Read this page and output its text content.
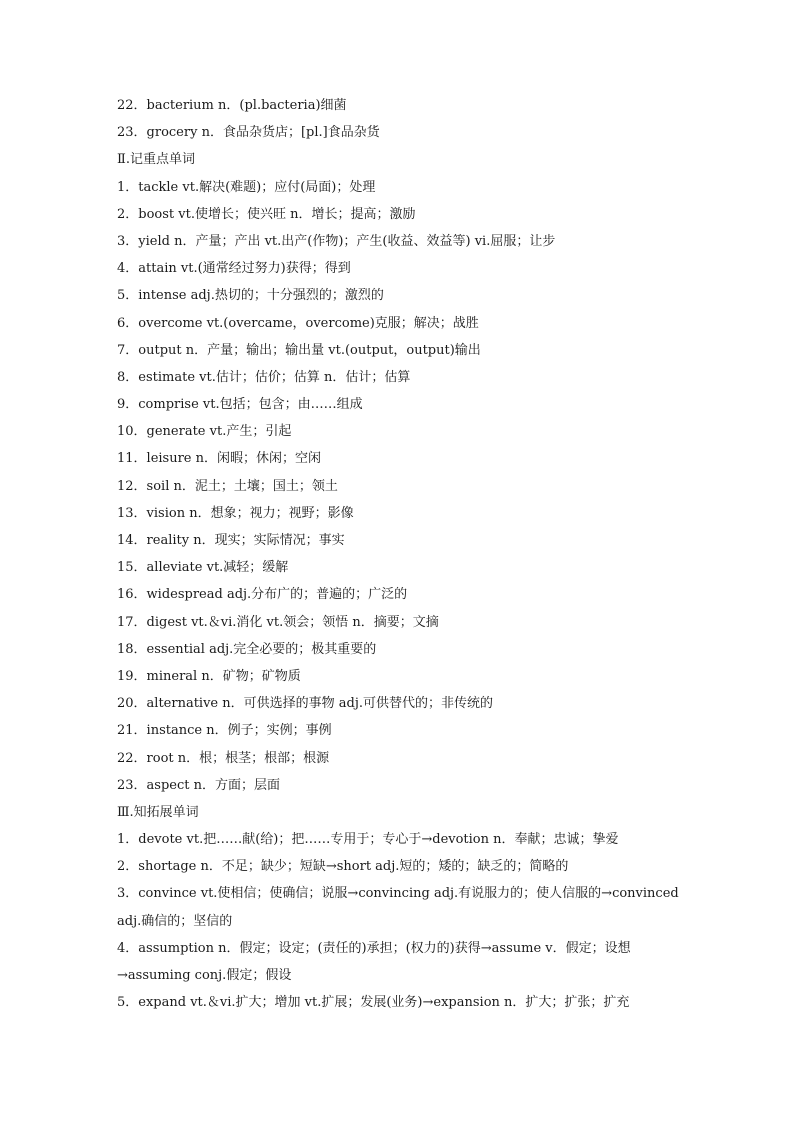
22．bacterium n．(pl.bacteria)细菌
23．grocery n．食品杂货店；[pl.]食品杂货
Ⅱ.记重点单词
1．tackle vt.解决(难题)；应付(局面)；处理
2．boost vt.使增长；使兴旺 n．增长；提高；激励
3．yield n．产量；产出 vt.出产(作物)；产生(收益、效益等) vi.屈服；让步
4．attain vt.(通常经过努力)获得；得到
5．intense adj.热切的；十分强烈的；激烈的
6．overcome vt.(overcame，overcome)克服；解决；战胜
7．output n．产量；输出；输出量 vt.(output，output)输出
8．estimate vt.估计；估价；估算 n．估计；估算
9．comprise vt.包括；包含；由……组成
10．generate vt.产生；引起
11．leisure n．闲暇；休闲；空闲
12．soil n．泥土；土壤；国土；领土
13．vision n．想象；视力；视野；影像
14．reality n．现实；实际情况；事实
15．alleviate vt.减轻；缓解
16．widespread adj.分布广的；普遍的；广泛的
17．digest vt.＆vi.消化 vt.领会；领悟 n．摘要；文摘
18．essential adj.完全必要的；极其重要的
19．mineral n．矿物；矿物质
20．alternative n．可供选择的事物 adj.可供替代的；非传统的
21．instance n．例子；实例；事例
22．root n．根；根茎；根部；根源
23．aspect n．方面；层面
Ⅲ.知拓展单词
1．devote vt.把……献(给)；把……专用于；专心于→devotion n．奉献；忠诚；挚爱
2．shortage n．不足；缺少；短缺→short adj.短的；矮的；缺乏的；简略的
3．convince vt.使相信；使确信；说服→convincing adj.有说服力的；使人信服的→convinced adj.确信的；坚信的
4．assumption n．假定；设定；(责任的)承担；(权力的)获得→assume v．假定；设想→assuming conj.假定；假设
5．expand vt.＆vi.扩大；增加 vt.扩展；发展(业务)→expansion n．扩大；扩张；扩充
